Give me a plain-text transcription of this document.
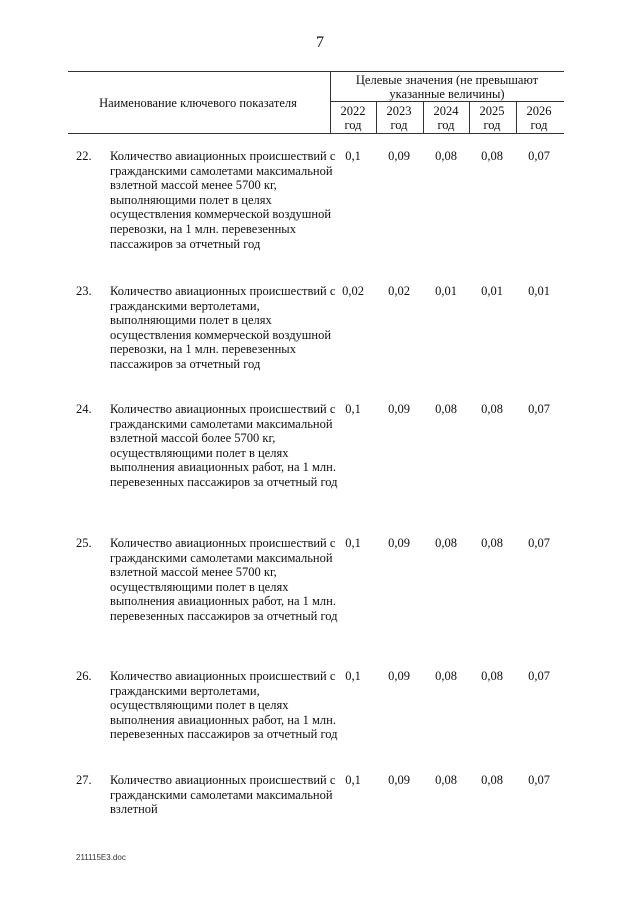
7
Наименование ключевого показателя
Целевые значения (не превышают указанные величины)
2022
год
2023
год
2024
год
2025
год
2026
год
22. Количество авиационных происшествий с гражданскими самолетами максимальной взлетной массой менее 5700 кг, выполняющими полет в целях осуществления коммерческой воздушной перевозки, на 1 млн. перевезенных пассажиров за отчетный год
0,1	0,09	0,08	0,08	0,07
23. Количество авиационных происшествий с гражданскими вертолетами, выполняющими полет в целях осуществления коммерческой воздушной перевозки, на 1 млн. перевезенных пассажиров за отчетный год
0,02	0,02	0,01	0,01	0,01
24. Количество авиационных происшествий с гражданскими самолетами максимальной взлетной массой более 5700 кг, осуществляющими полет в целях выполнения авиационных работ, на 1 млн. перевезенных пассажиров за отчетный год
0,1	0,09	0,08	0,08	0,07
25. Количество авиационных происшествий с гражданскими самолетами максимальной взлетной массой менее 5700 кг, осуществляющими полет в целях выполнения авиационных работ, на 1 млн. перевезенных пассажиров за отчетный год
0,1	0,09	0,08	0,08	0,07
26. Количество авиационных происшествий с гражданскими вертолетами, осуществляющими полет в целях выполнения авиационных работ, на 1 млн. перевезенных пассажиров за отчетный год
0,1	0,09	0,08	0,08	0,07
27. Количество авиационных происшествий с гражданскими самолетами максимальной взлетной
0,1	0,09	0,08	0,08	0,07
211115E3.doc
